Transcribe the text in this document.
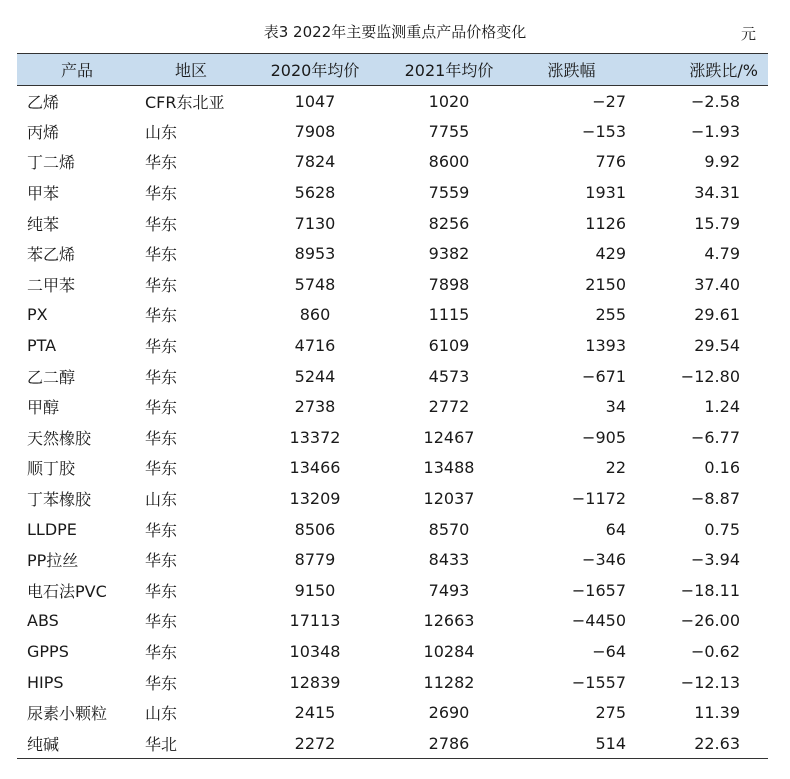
表3 2022年主要监测重点产品价格变化	元
产品	地区	2020年均价	2021年均价	涨跌幅	涨跌比/%
乙烯	CFR东北亚	1047	1020	−27	−2.58
丙烯	山东	7908	7755	−153	−1.93
丁二烯	华东	7824	8600	776	9.92
甲苯	华东	5628	7559	1931	34.31
纯苯	华东	7130	8256	1126	15.79
苯乙烯	华东	8953	9382	429	4.79
二甲苯	华东	5748	7898	2150	37.40
PX	华东	860	1115	255	29.61
PTA	华东	4716	6109	1393	29.54
乙二醇	华东	5244	4573	−671	−12.80
甲醇	华东	2738	2772	34	1.24
天然橡胶	华东	13372	12467	−905	−6.77
顺丁胶	华东	13466	13488	22	0.16
丁苯橡胶	山东	13209	12037	−1172	−8.87
LLDPE	华东	8506	8570	64	0.75
PP拉丝	华东	8779	8433	−346	−3.94
电石法PVC	华东	9150	7493	−1657	−18.11
ABS	华东	17113	12663	−4450	−26.00
GPPS	华东	10348	10284	−64	−0.62
HIPS	华东	12839	11282	−1557	−12.13
尿素小颗粒	山东	2415	2690	275	11.39
纯碱	华北	2272	2786	514	22.63
